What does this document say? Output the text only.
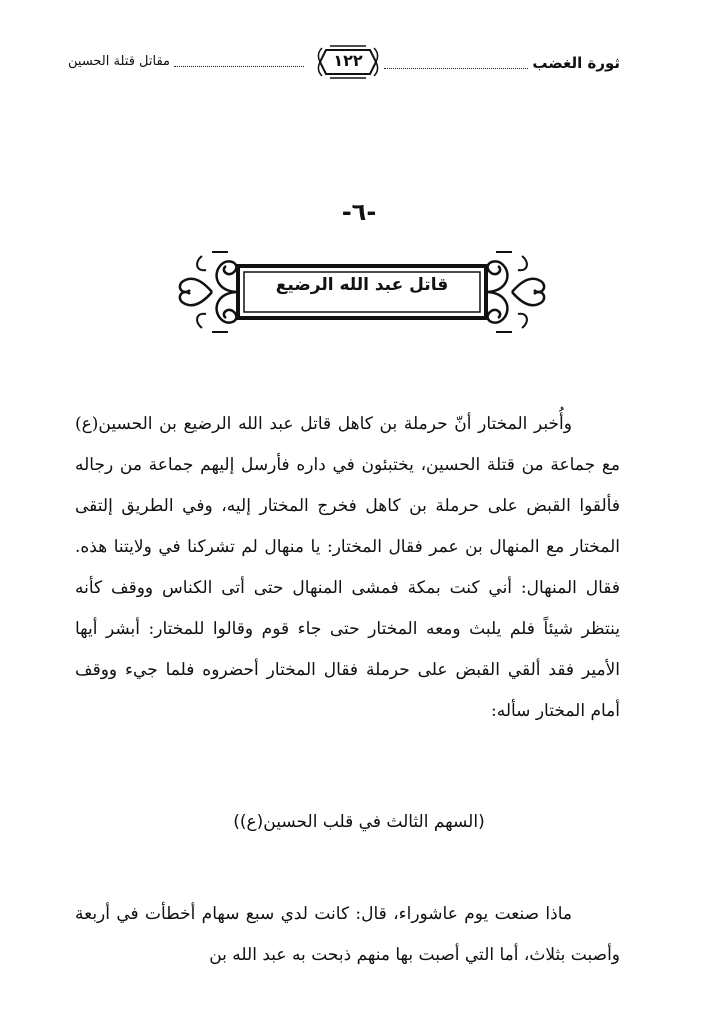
ثورة الغضب
١٢٢
مقاتل قتلة الحسين
-٦-
قاتل عبد الله الرضيع

وأُخبر المختار أنّ حرملة بن كاهل قاتل عبد الله الرضيع بن الحسين(ع) مع جماعة من قتلة الحسين، يختبئون في داره فأرسل إليهم جماعة من رجاله فألقوا القبض على حرملة بن كاهل فخرج المختار إليه، وفي الطريق إلتقى المختار مع المنهال بن عمر فقال المختار: يا منهال لم تشركنا في ولايتنا هذه. فقال المنهال: أني كنت بمكة فمشى المنهال حتى أتى الكناس ووقف كأنه ينتظر شيئاً فلم يلبث ومعه المختار حتى جاء قوم وقالوا للمختار: أبشر أيها الأمير فقد ألقي القبض على حرملة فقال المختار أحضروه فلما جيء ووقف أمام المختار سأله:

(السهم الثالث في قلب الحسين(ع))

ماذا صنعت يوم عاشوراء، قال: كانت لدي سبع سهام أخطأت في أربعة وأصبت بثلاث، أما التي أصبت بها منهم ذبحت به عبد الله بن
